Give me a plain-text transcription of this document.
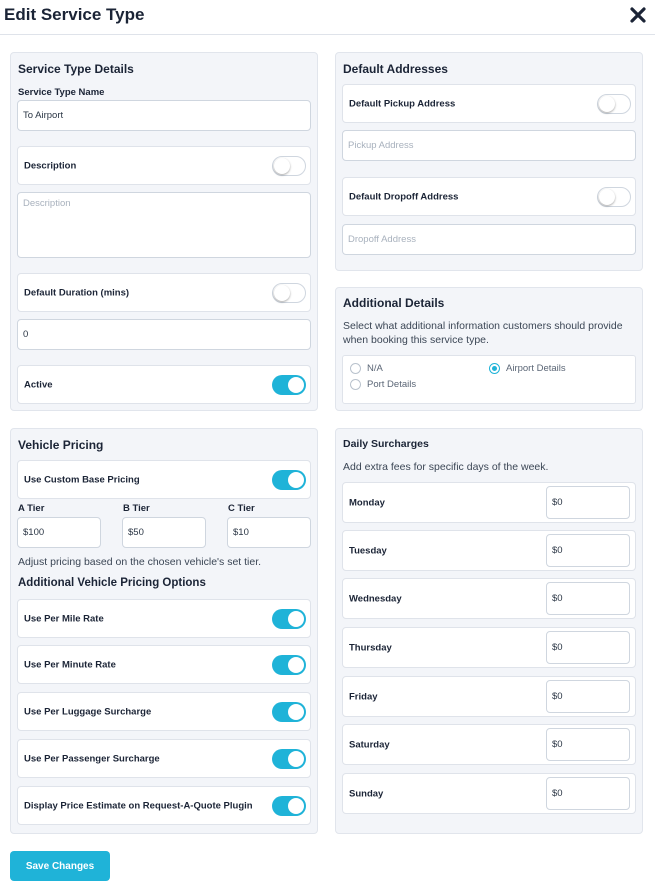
Edit Service Type
Service Type Details
Service Type Name
To Airport
Description
Description
Default Duration (mins)
0
Active
Default Addresses
Default Pickup Address
Pickup Address
Default Dropoff Address
Dropoff Address
Additional Details
Select what additional information customers should provide when booking this service type.
N/A
Port Details
Airport Details
Vehicle Pricing
Use Custom Base Pricing
A Tier	B Tier	C Tier
$100
$50
$10
Adjust pricing based on the chosen vehicle's set tier.
Additional Vehicle Pricing Options
Use Per Mile Rate
Use Per Minute Rate
Use Per Luggage Surcharge
Use Per Passenger Surcharge
Display Price Estimate on Request-A-Quote Plugin
Daily Surcharges
Add extra fees for specific days of the week.
Monday
$0
Tuesday
$0
Wednesday
$0
Thursday
$0
Friday
$0
Saturday
$0
Sunday
$0
Save Changes
